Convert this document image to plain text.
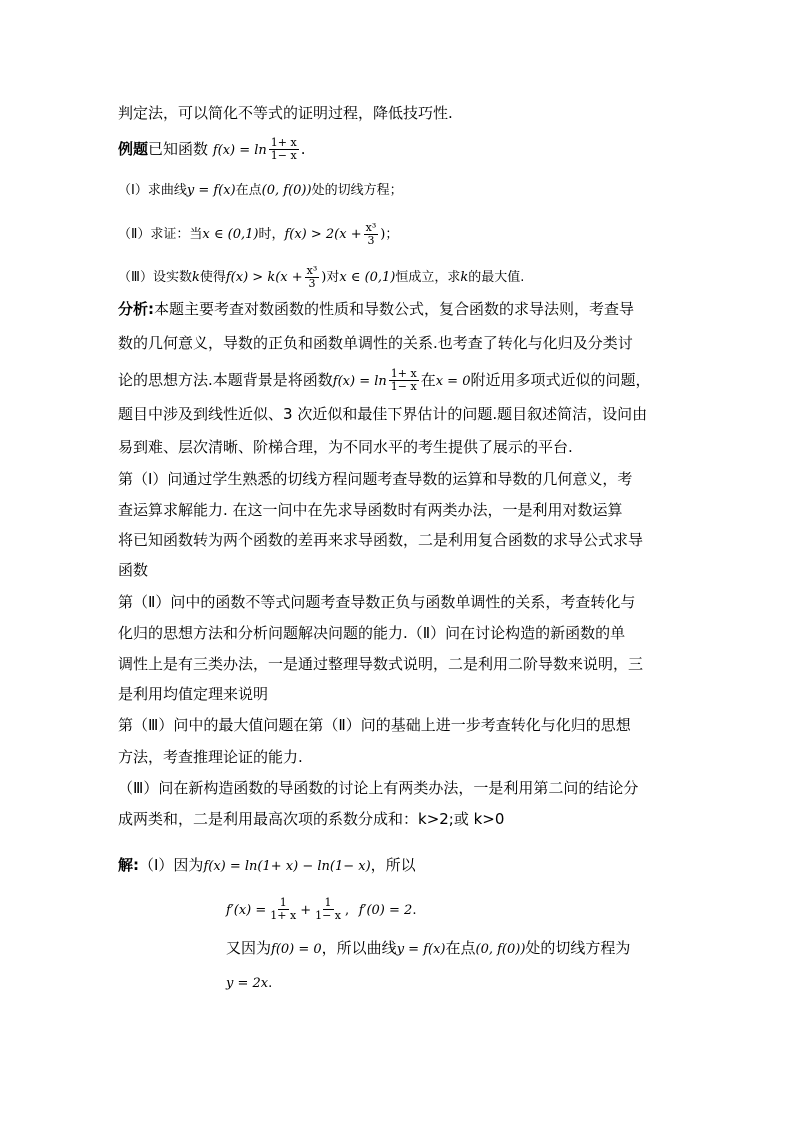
判定法，可以简化不等式的证明过程，降低技巧性.
例题已知函数 $f(x) = \ln \frac{1+ x}{1- x}$ .
（Ⅰ）求曲线y = f(x)在点(0, f(0))处的切线方程；
（Ⅱ）求证：当x ∈ (0,1)时，$f(x) > 2(x + \frac{\text{x³}}{3}$ )；
（Ⅲ）设实数k使得$f(x) > k(x + \frac{\text{x³}}{3}$ )对x ∈ (0,1)恒成立，求k的最大值.
分析:本题主要考查对数函数的性质和导数公式，复合函数的求导法则，考查导
数的几何意义，导数的正负和函数单调性的关系.也考查了转化与化归及分类讨
论的思想方法.本题背景是将函数$f(x) = \ln \frac{1+ x}{1- x}$ 在x = 0附近用多项式近似的问题，
题目中涉及到线性近似、3 次近似和最佳下界估计的问题.题目叙述简洁，设问由
易到难、层次清晰、阶梯合理，为不同水平的考生提供了展示的平台.
第（Ⅰ）问通过学生熟悉的切线方程问题考查导数的运算和导数的几何意义，考
查运算求解能力. 在这一问中在先求导函数时有两类办法，一是利用对数运算
将已知函数转为两个函数的差再来求导函数，二是利用复合函数的求导公式求导
函数
第（Ⅱ）问中的函数不等式问题考查导数正负与函数单调性的关系，考查转化与
化归的思想方法和分析问题解决问题的能力.（Ⅱ）问在讨论构造的新函数的单
调性上是有三类办法，一是通过整理导数式说明，二是利用二阶导数来说明，三
是利用均值定理来说明
第（Ⅲ）问中的最大值问题在第（Ⅱ）问的基础上进一步考查转化与化归的思想
方法，考查推理论证的能力.
（Ⅲ）问在新构造函数的导函数的讨论上有两类办法，一是利用第二问的结论分
成两类和，二是利用最高次项的系数分成和：k>2;或 k>0
解:（Ⅰ）因为f(x) = ln(1+ x) − ln(1− x)，所以
$f'(x) = \frac{1}{1+ x} + \frac{1}{1- x}$ , f′(0) = 2.
又因为f(0) = 0，所以曲线y = f(x)在点(0, f(0))处的切线方程为
y = 2x.
